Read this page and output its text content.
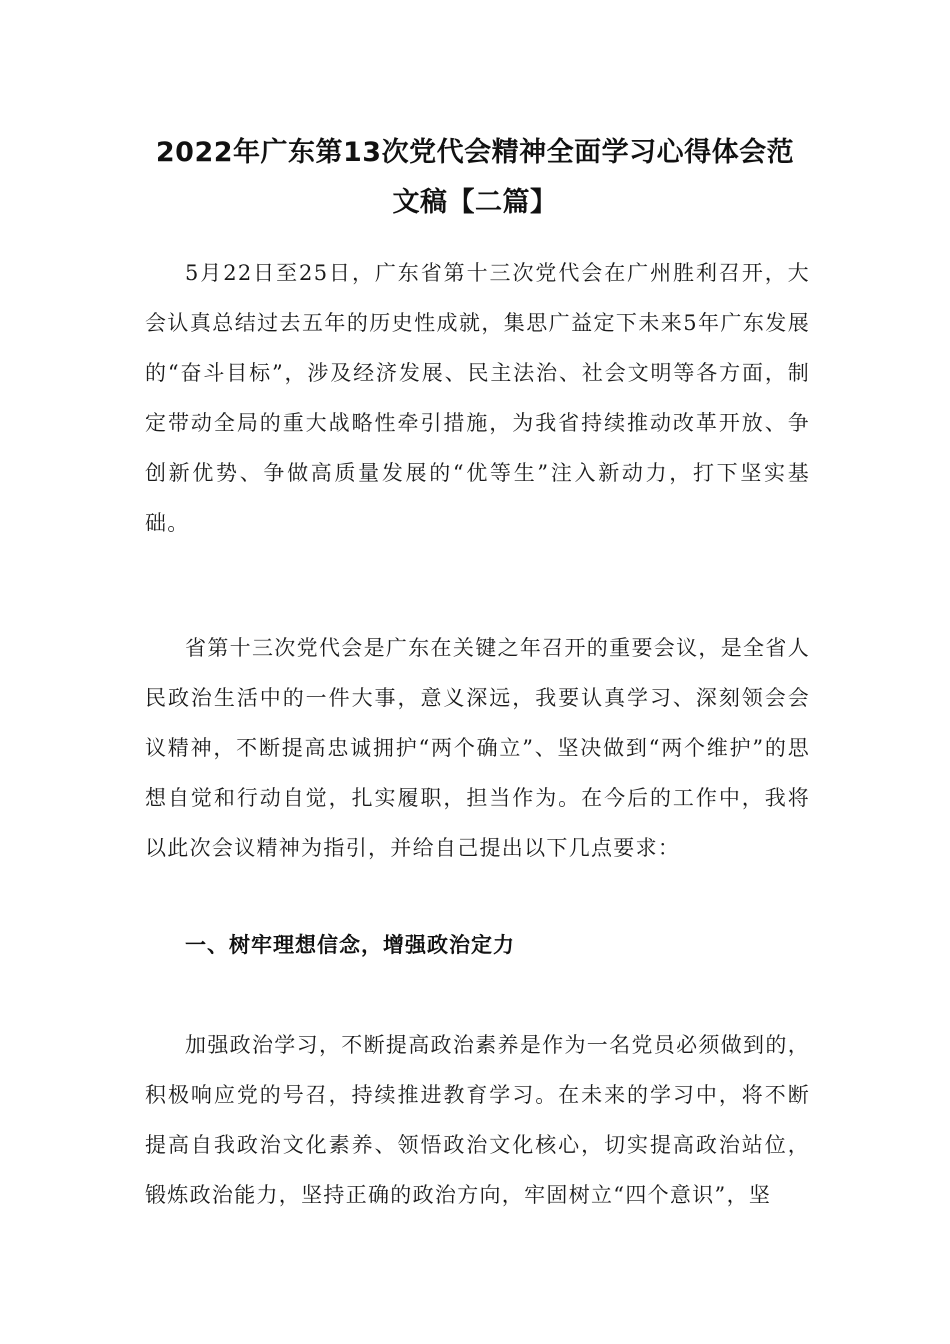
2022年广东第13次党代会精神全面学习心得体会范
文稿【二篇】
5月22日至25日，广东省第十三次党代会在广州胜利召开，大会认真总结过去五年的历史性成就，集思广益定下未来5年广东发展的“奋斗目标”，涉及经济发展、民主法治、社会文明等各方面，制定带动全局的重大战略性牵引措施，为我省持续推动改革开放、争创新优势、争做高质量发展的“优等生”注入新动力，打下坚实基础。
省第十三次党代会是广东在关键之年召开的重要会议，是全省人民政治生活中的一件大事，意义深远，我要认真学习、深刻领会会议精神，不断提高忠诚拥护“两个确立”、坚决做到“两个维护”的思想自觉和行动自觉，扎实履职，担当作为。在今后的工作中，我将以此次会议精神为指引，并给自己提出以下几点要求：
一、树牢理想信念，增强政治定力
加强政治学习，不断提高政治素养是作为一名党员必须做到的，积极响应党的号召，持续推进教育学习。在未来的学习中，将不断提高自我政治文化素养、领悟政治文化核心，切实提高政治站位，锻炼政治能力，坚持正确的政治方向，牢固树立“四个意识”，坚
